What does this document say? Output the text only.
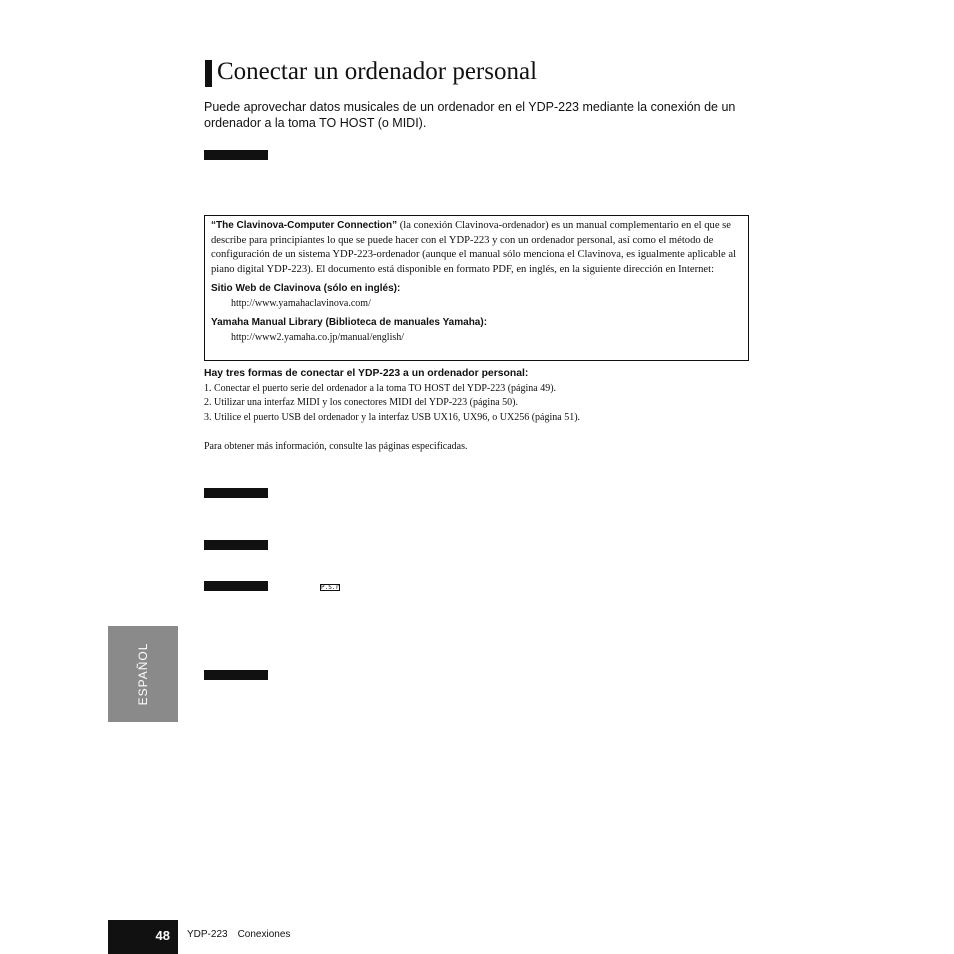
Conectar un ordenador personal
Puede aprovechar datos musicales de un ordenador en el YDP-223 mediante la conexión de un ordenador a la toma TO HOST (o MIDI).

“The Clavinova-Computer Connection” (la conexión Clavinova-ordenador) es un manual complementario en el que se describe para principiantes lo que se puede hacer con el YDP-223 y con un ordenador personal, así como el método de configuración de un sistema YDP-223-ordenador (aunque el manual sólo menciona el Clavinova, es igualmente aplicable al piano digital YDP-223). El documento está disponible en formato PDF, en inglés, en la siguiente dirección en Internet:

Sitio Web de Clavinova (sólo en inglés):
http://www.yamahaclavinova.com/
Yamaha Manual Library (Biblioteca de manuales Yamaha):
http://www2.yamaha.co.jp/manual/english/
Hay tres formas de conectar el YDP-223 a un ordenador personal:
1. Conectar el puerto serie del ordenador a la toma TO HOST del YDP-223 (página 49).
2. Utilizar una interfaz MIDI y los conectores MIDI del YDP-223 (página 50).
3. Utilice el puerto USB del ordenador y la interfaz USB UX16, UX96, o UX256 (página 51).
Para obtener más información, consulte las páginas especificadas.
P.S.r
ESPAÑOL
48 YDP-223 Conexiones
